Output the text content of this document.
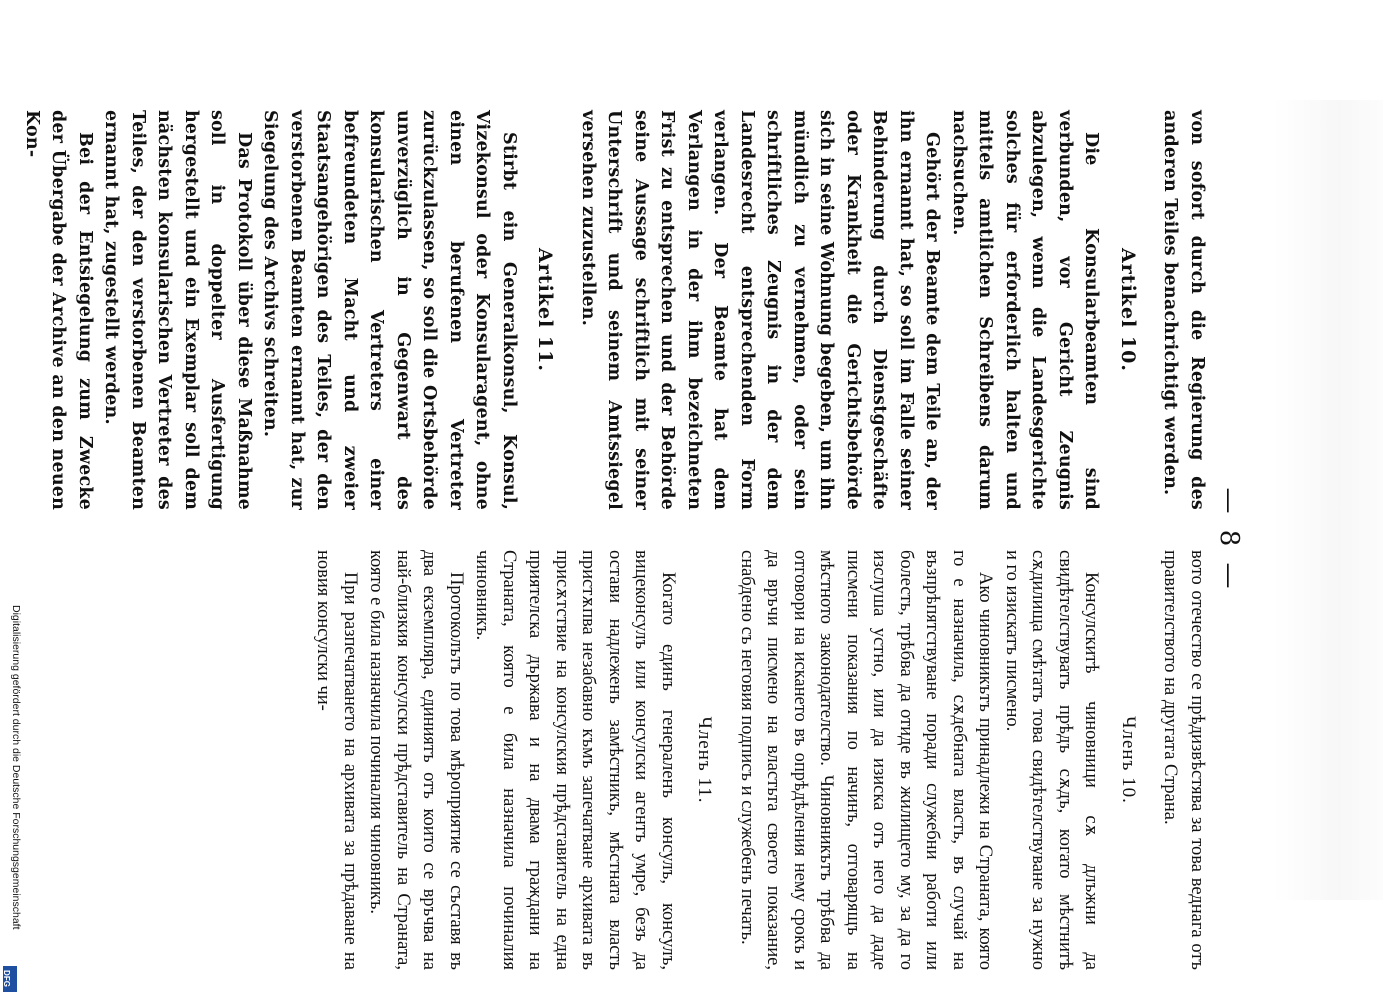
— 8 —

von sofort durch die Regierung des anderen Teiles benachrichtigt werden.

Artikel 10.

Die Konsularbeamten sind verbunden, vor Gericht Zeugnis abzulegen, wenn die Landesgerichte solches für erforderlich halten und mittels amtlichen Schreibens darum nachsuchen.

Gehört der Beamte dem Teile an, der ihn ernannt hat, so soll im Falle seiner Behinderung durch Dienstgeschäfte oder Krankheit die Gerichtsbehörde sich in seine Wohnung begeben, um ihn mündlich zu vernehmen, oder sein schriftliches Zeugnis in der dem Landesrecht entsprechenden Form verlangen. Der Beamte hat dem Verlangen in der ihm bezeichneten Frist zu entsprechen und der Behörde seine Aussage schriftlich mit seiner Unterschrift und seinem Amtssiegel versehen zuzustellen.

Artikel 11.

Stirbt ein Generalkonsul, Konsul, Vizekonsul oder Konsularagent, ohne einen berufenen Vertreter zurückzulassen, so soll die Ortsbehörde unverzüglich in Gegenwart des konsularischen Vertreters einer befreundeten Macht und zweier Staatsangehörigen des Teiles, der den verstorbenen Beamten ernannt hat, zur Siegelung des Archivs schreiten.

Das Protokoll über diese Maßnahme soll in doppelter Ausfertigung hergestellt und ein Exemplar soll dem nächsten konsularischen Vertreter des Teiles, der den verstorbenen Beamten ernannt hat, zugestellt werden.

Bei der Entsiegelung zum Zwecke der Übergabe der Archive an den neuen Kon-

вото отечество се прѣдизвѣстява за това веднага отъ правителството на другата Страна.

Членъ 10.

Консулскитѣ чиновници сѫ длъжни да свидѣтелствуватъ прѣдъ сѫдъ, когато мѣстнитѣ сѫдилища смѣтатъ това свидѣтелствуване за нужно и го изискатъ писмено.

Ако чиновникътъ принадлежи на Страната, която го е назначила, сѫдебната власть, въ случай на възпрѣпятствуване поради служебни работи или болесть, трѣбва да отиде въ жилището му, за да го изслуша устно, или да изиска отъ него да даде писмени показания по начинъ, отговарящъ на мѣстното законодателство. Чиновникътъ трѣбва да отговори на искането въ опрѣдѣления нему срокъ и да връчи писмено на властьта своето показание, снабдено съ неговия подписъ и служебенъ печать.

Членъ 11.

Когато единъ генераленъ консулъ, консулъ, вицеконсулъ или консулски агентъ умре, безъ да остави надлеженъ замѣстникъ, мѣстната власть пристѫпва незабавно къмъ запечатване архивата въ присѫтствие на консулския прѣдставитель на една приятелска държава и на двама граждани на Страната, която е била назначила починалия чиновникъ.

Протоколътъ по това мѣроприятие се съставя въ два екземпляра, единиятъ отъ които се връчва на най-близкия консулски прѣдставитель на Страната, която е била назначила починалия чиновникъ.

При разпечатването на архивата за прѣдаване на новия консулски чи-

Digitalisierung gefördert durch die Deutsche Forschungsgemeinschaft
DFG
